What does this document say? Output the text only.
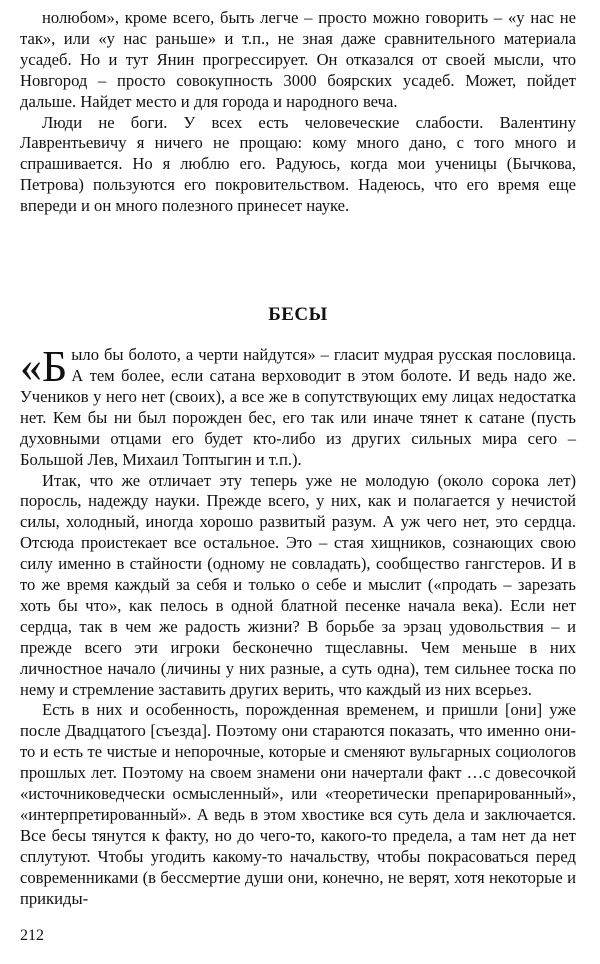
нолюбом», кроме всего, быть легче – просто можно говорить – «у нас не так», или «у нас раньше» и т.п., не зная даже сравнительного материала усадеб. Но и тут Янин прогрессирует. Он отказался от своей мысли, что Новгород – просто совокупность 3000 боярских усадеб. Может, пойдет дальше. Найдет место и для города и народного веча.

Люди не боги. У всех есть человеческие слабости. Валентину Лаврентьевичу я ничего не прощаю: кому много дано, с того много и спрашивается. Но я люблю его. Радуюсь, когда мои ученицы (Бычкова, Петрова) пользуются его покровительством. Надеюсь, что его время еще впереди и он много полезного принесет науке.

БЕСЫ

«Было бы болото, а черти найдутся» – гласит мудрая русская пословица. А тем более, если сатана верховодит в этом болоте. И ведь надо же. Учеников у него нет (своих), а все же в сопутствующих ему лицах недостатка нет. Кем бы ни был порожден бес, его так или иначе тянет к сатане (пусть духовными отцами его будет кто-либо из других сильных мира сего – Большой Лев, Михаил Топтыгин и т.п.).

Итак, что же отличает эту теперь уже не молодую (около сорока лет) поросль, надежду науки. Прежде всего, у них, как и полагается у нечистой силы, холодный, иногда хорошо развитый разум. А уж чего нет, это сердца. Отсюда проистекает все остальное. Это – стая хищников, сознающих свою силу именно в стайности (одному не совладать), сообщество гангстеров. И в то же время каждый за себя и только о себе и мыслит («продать – зарезать хоть бы что», как пелось в одной блатной песенке начала века). Если нет сердца, так в чем же радость жизни? В борьбе за эрзац удовольствия – и прежде всего эти игроки бесконечно тщеславны. Чем меньше в них личностное начало (личины у них разные, а суть одна), тем сильнее тоска по нему и стремление заставить других верить, что каждый из них всерьез.

Есть в них и особенность, порожденная временем, и пришли [они] уже после Двадцатого [съезда]. Поэтому они стараются показать, что именно они-то и есть те чистые и непорочные, которые и сменяют вульгарных социологов прошлых лет. Поэтому на своем знамени они начертали факт …с довесочкой «источниковедчески осмысленный», или «теоретически препарированный», «интерпретированный». А ведь в этом хвостике вся суть дела и заключается. Все бесы тянутся к факту, но до чего-то, какого-то предела, а там нет да нет сплутуют. Чтобы угодить какому-то начальству, чтобы покрасоваться перед современниками (в бессмертие души они, конечно, не верят, хотя некоторые и прикиды-

212
